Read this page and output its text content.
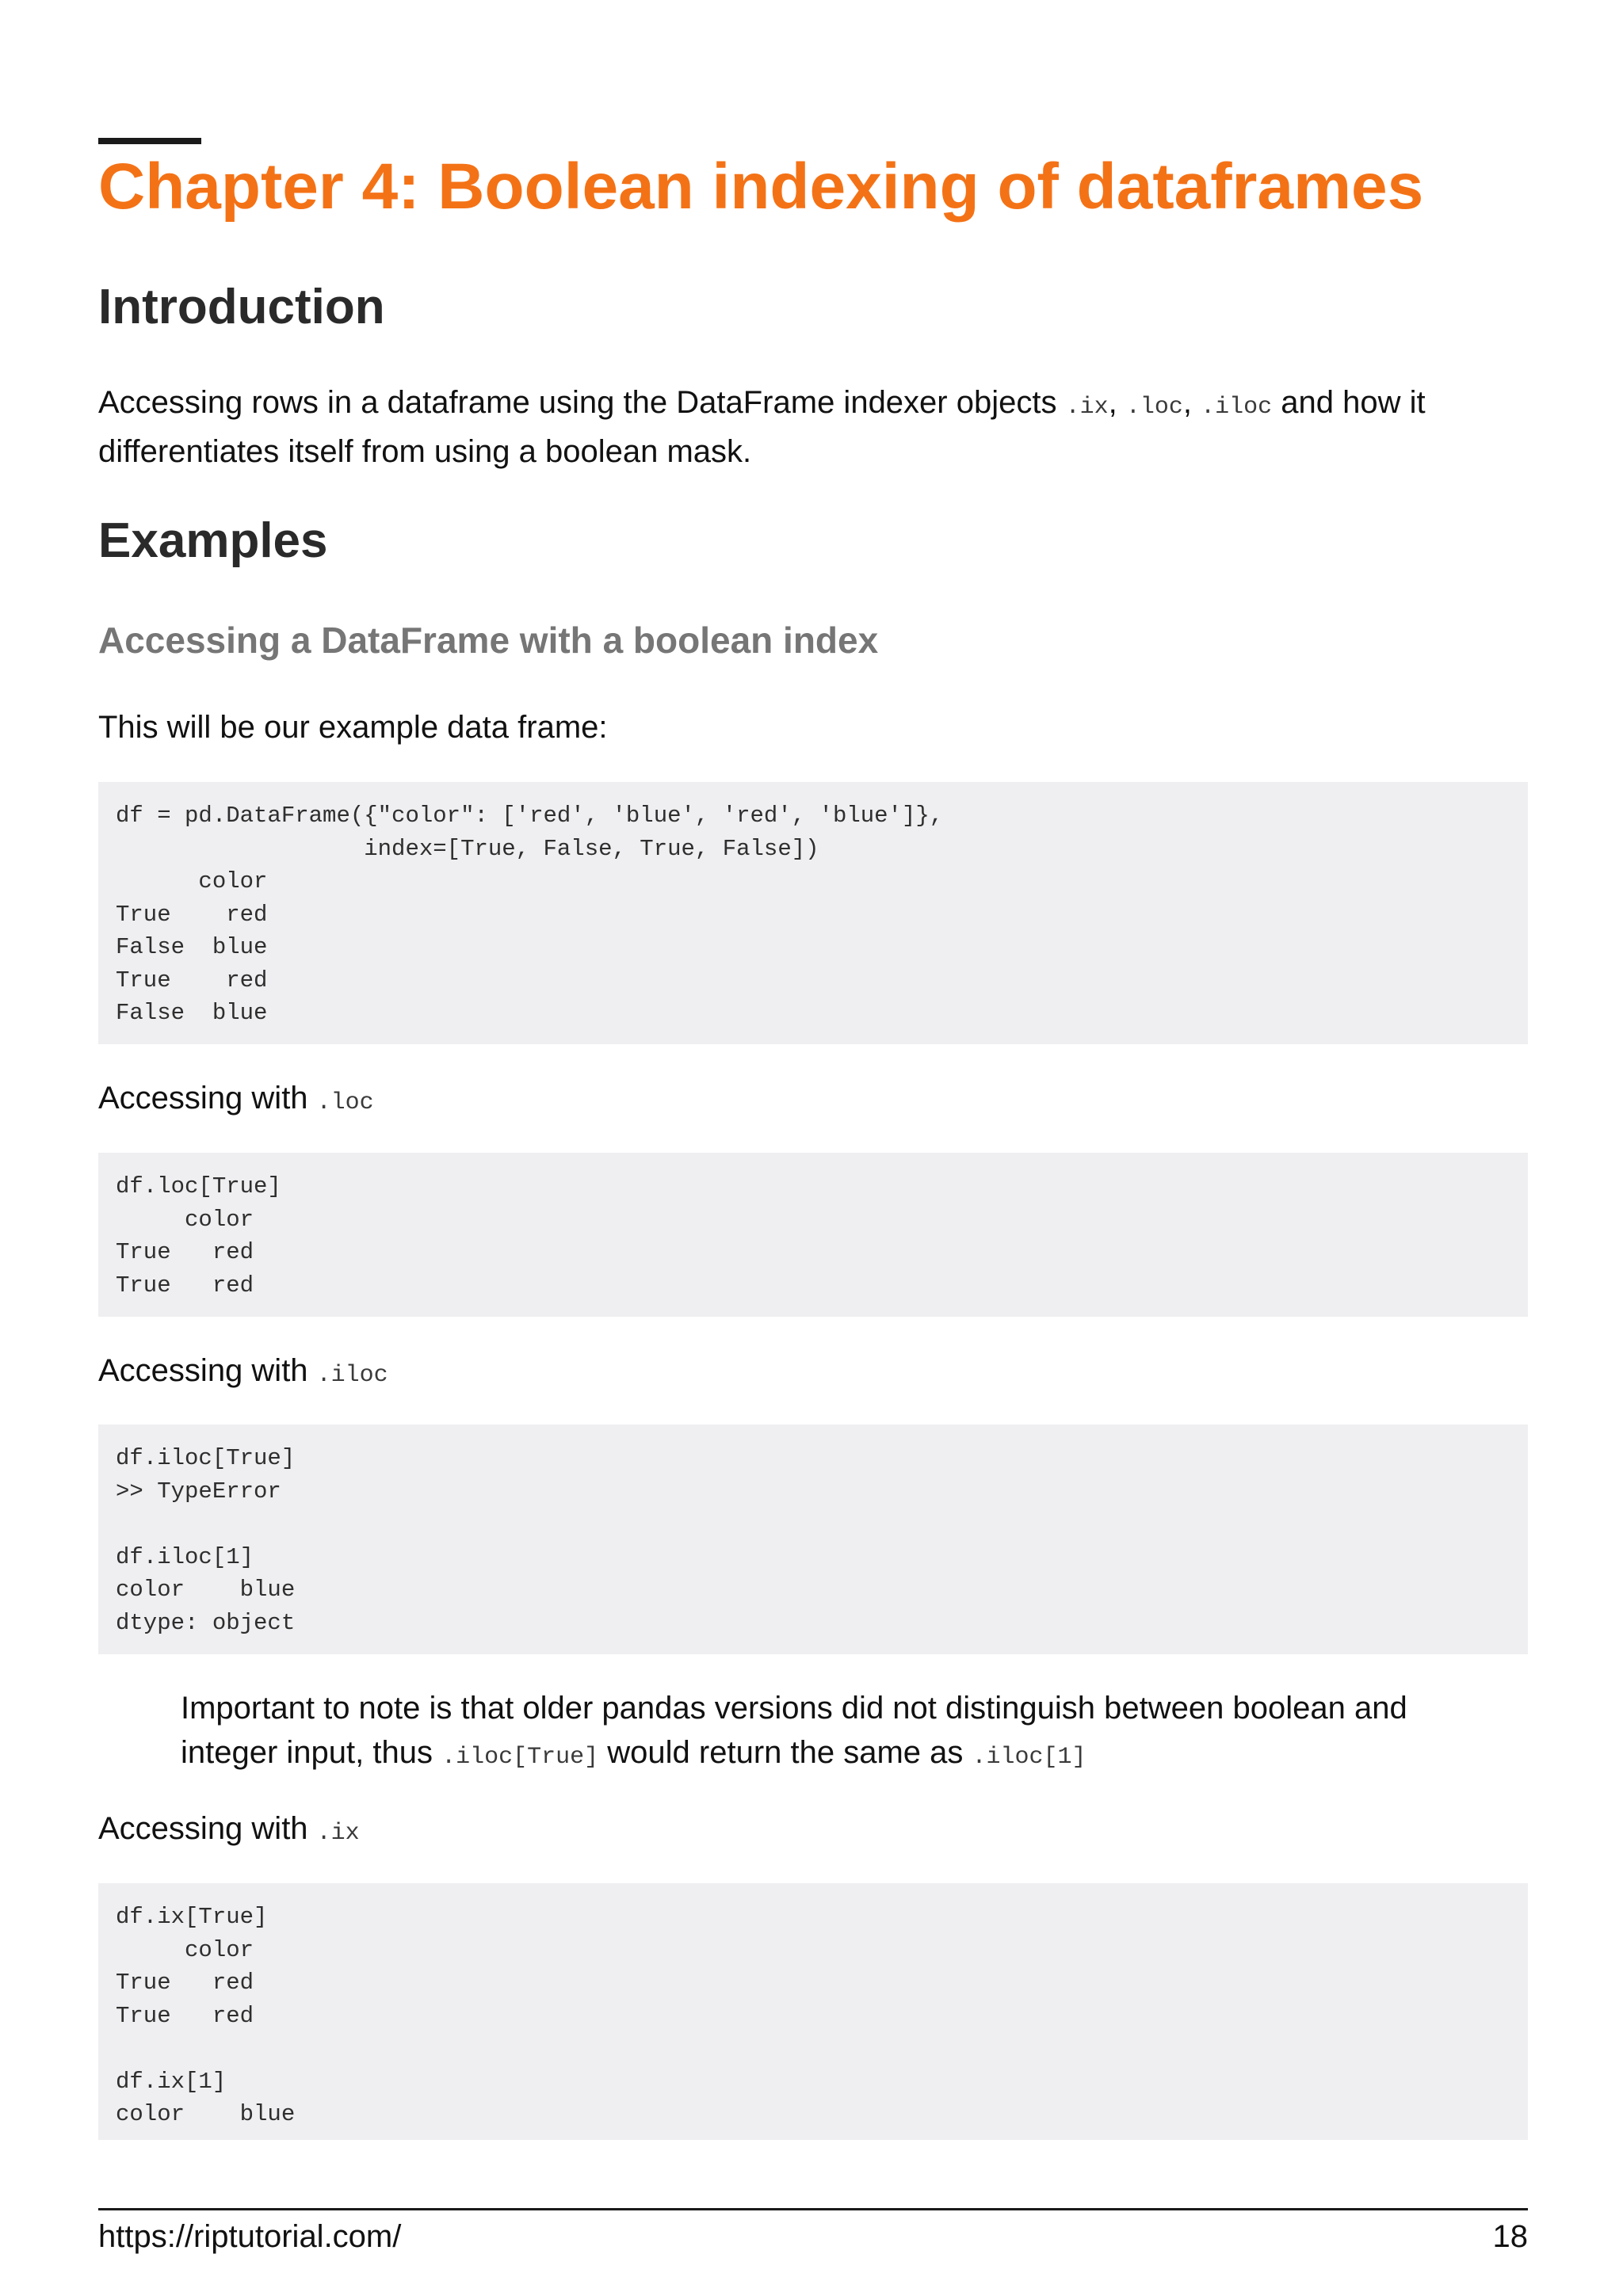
Chapter 4: Boolean indexing of dataframes
Introduction

Accessing rows in a dataframe using the DataFrame indexer objects .ix, .loc, .iloc and how it differentiates itself from using a boolean mask.

Examples
Accessing a DataFrame with a boolean index

This will be our example data frame:

df = pd.DataFrame({"color": ['red', 'blue', 'red', 'blue']},
index=[True, False, True, False])
color
True    red
False  blue
True    red
False  blue

Accessing with .loc

df.loc[True]
color
True   red
True   red

Accessing with .iloc

df.iloc[True]
>> TypeError

df.iloc[1]
color    blue
dtype: object

Important to note is that older pandas versions did not distinguish between boolean and integer input, thus .iloc[True] would return the same as .iloc[1]

Accessing with .ix

df.ix[True]
color
True   red
True   red

df.ix[1]
color    blue
https://riptutorial.com/	18
